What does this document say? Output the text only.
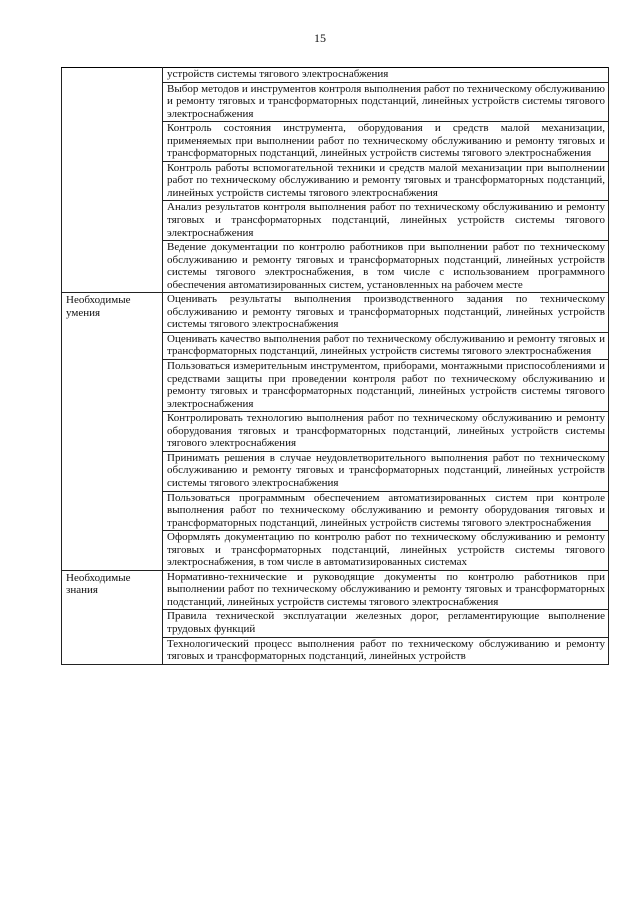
15
	устройств системы тягового электроснабжения
	Выбор методов и инструментов контроля выполнения работ по техническому обслуживанию и ремонту тяговых и трансформаторных подстанций, линейных устройств системы тягового электроснабжения
	Контроль состояния инструмента, оборудования и средств малой механизации, применяемых при выполнении работ по техническому обслуживанию и ремонту тяговых и трансформаторных подстанций, линейных устройств системы тягового электроснабжения
	Контроль работы вспомогательной техники и средств малой механизации при выполнении работ по техническому обслуживанию и ремонту тяговых и трансформаторных подстанций, линейных устройств системы тягового электроснабжения
	Анализ результатов контроля выполнения работ по техническому обслуживанию и ремонту тяговых и трансформаторных подстанций, линейных устройств системы тягового электроснабжения
	Ведение документации по контролю работников при выполнении работ по техническому обслуживанию и ремонту тяговых и трансформаторных подстанций, линейных устройств системы тягового электроснабжения, в том числе с использованием программного обеспечения автоматизированных систем, установленных на рабочем месте
Необходимые умения	Оценивать результаты выполнения производственного задания по техническому обслуживанию и ремонту тяговых и трансформаторных подстанций, линейных устройств системы тягового электроснабжения
	Оценивать качество выполнения работ по техническому обслуживанию и ремонту тяговых и трансформаторных подстанций, линейных устройств системы тягового электроснабжения
	Пользоваться измерительным инструментом, приборами, монтажными приспособлениями и средствами защиты при проведении контроля работ по техническому обслуживанию и ремонту тяговых и трансформаторных подстанций, линейных устройств системы тягового электроснабжения
	Контролировать технологию выполнения работ по техническому обслуживанию и ремонту оборудования тяговых и трансформаторных подстанций, линейных устройств системы тягового электроснабжения
	Принимать решения в случае неудовлетворительного выполнения работ по техническому обслуживанию и ремонту тяговых и трансформаторных подстанций, линейных устройств системы тягового электроснабжения
	Пользоваться программным обеспечением автоматизированных систем при контроле выполнения работ по техническому обслуживанию и ремонту оборудования тяговых и трансформаторных подстанций, линейных устройств системы тягового электроснабжения
	Оформлять документацию по контролю работ по техническому обслуживанию и ремонту тяговых и трансформаторных подстанций, линейных устройств системы тягового электроснабжения, в том числе в автоматизированных системах
Необходимые знания	Нормативно-технические и руководящие документы по контролю работников при выполнении работ по техническому обслуживанию и ремонту тяговых и трансформаторных подстанций, линейных устройств системы тягового электроснабжения
	Правила технической эксплуатации железных дорог, регламентирующие выполнение трудовых функций
	Технологический процесс выполнения работ по техническому обслуживанию и ремонту тяговых и трансформаторных подстанций, линейных устройств
